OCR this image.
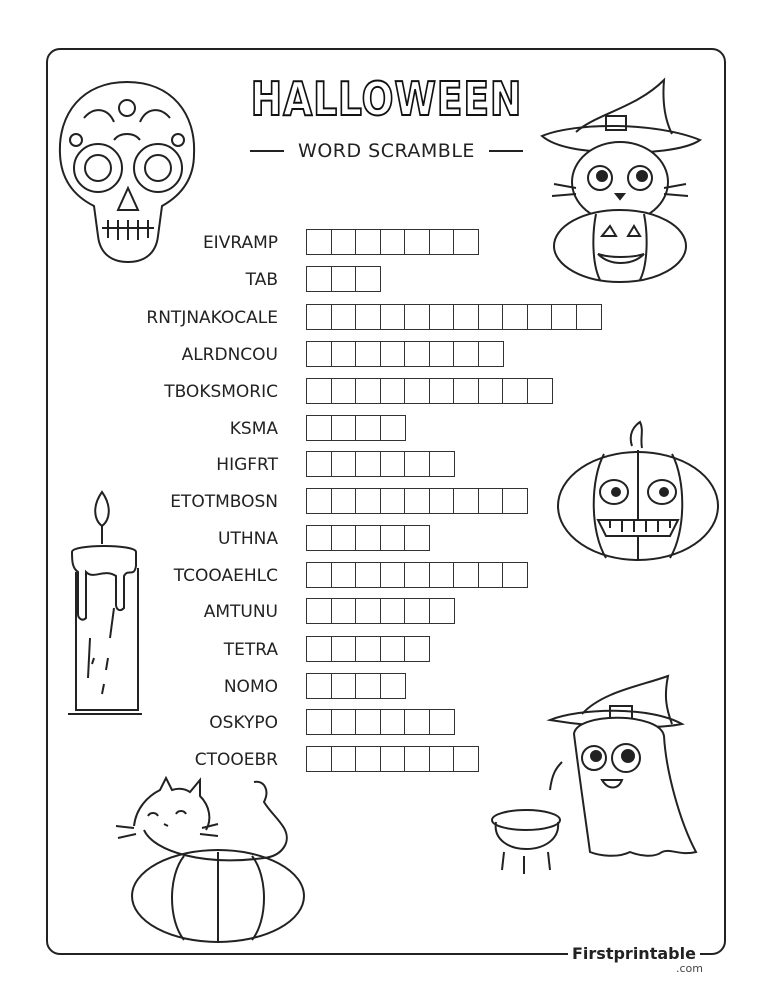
HALLOWEEN
WORD SCRAMBLE
EIVRAMP
TAB
RNTJNAKOCALE
ALRDNCOU
TBOKSMORIC
KSMA
HIGFRT
ETOTMBOSN
UTHNA
TCOOAEHLC
AMTUNU
TETRA
NOMO
OSKYPO
CTOOEBR
Firstprintable
.com
